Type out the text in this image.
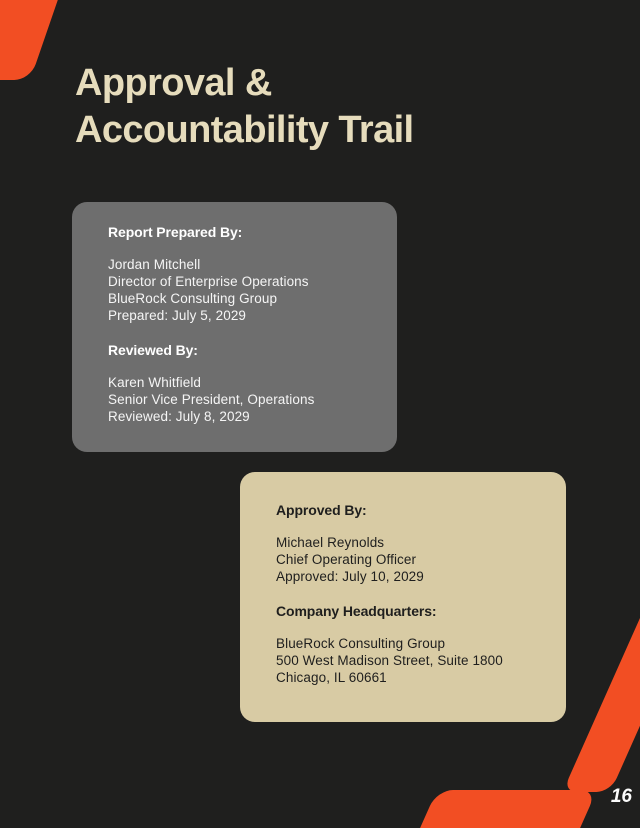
Approval &
Accountability Trail
Report Prepared By:
Jordan Mitchell
Director of Enterprise Operations
BlueRock Consulting Group
Prepared: July 5, 2029
Reviewed By:
Karen Whitfield
Senior Vice President, Operations
Reviewed: July 8, 2029
Approved By:
Michael Reynolds
Chief Operating Officer
Approved: July 10, 2029
Company Headquarters:
BlueRock Consulting Group
500 West Madison Street, Suite 1800
Chicago, IL 60661
16
